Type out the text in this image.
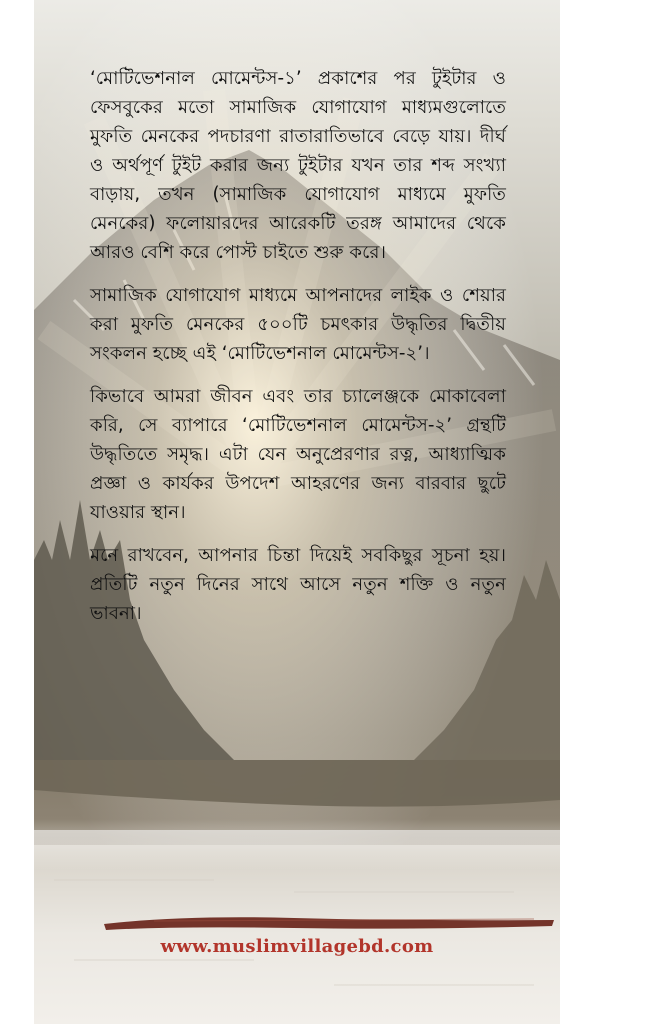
‘মোটিভেশনাল মোমেন্টস-১’ প্রকাশের পর টুইটার ও ফেসবুকের মতো সামাজিক যোগাযোগ মাধ্যমগুলোতে মুফতি মেনকের পদচারণা রাতারাতিভাবে বেড়ে যায়। দীর্ঘ ও অর্থপূর্ণ টুইট করার জন্য টুইটার যখন তার শব্দ সংখ্যা বাড়ায়, তখন (সামাজিক যোগাযোগ মাধ্যমে মুফতি মেনকের) ফলোয়ারদের আরেকটি তরঙ্গ আমাদের থেকে আরও বেশি করে পোস্ট চাইতে শুরু করে।

সামাজিক যোগাযোগ মাধ্যমে আপনাদের লাইক ও শেয়ার করা মুফতি মেনকের ৫০০টি চমৎকার উদ্ধৃতির দ্বিতীয় সংকলন হচ্ছে এই ‘মোটিভেশনাল মোমেন্টস-২’।

কিভাবে আমরা জীবন এবং তার চ্যালেঞ্জকে মোকাবেলা করি, সে ব্যাপারে ‘মোটিভেশনাল মোমেন্টস-২’ গ্রন্থটি উদ্ধৃতিতে সমৃদ্ধ। এটা যেন অনুপ্রেরণার রত্ন, আধ্যাত্মিক প্রজ্ঞা ও কার্যকর উপদেশ আহরণের জন্য বারবার ছুটে যাওয়ার স্থান।

মনে রাখবেন, আপনার চিন্তা দিয়েই সবকিছুর সূচনা হয়। প্রতিটি নতুন দিনের সাথে আসে নতুন শক্তি ও নতুন ভাবনা।

www.muslimvillagebd.com
